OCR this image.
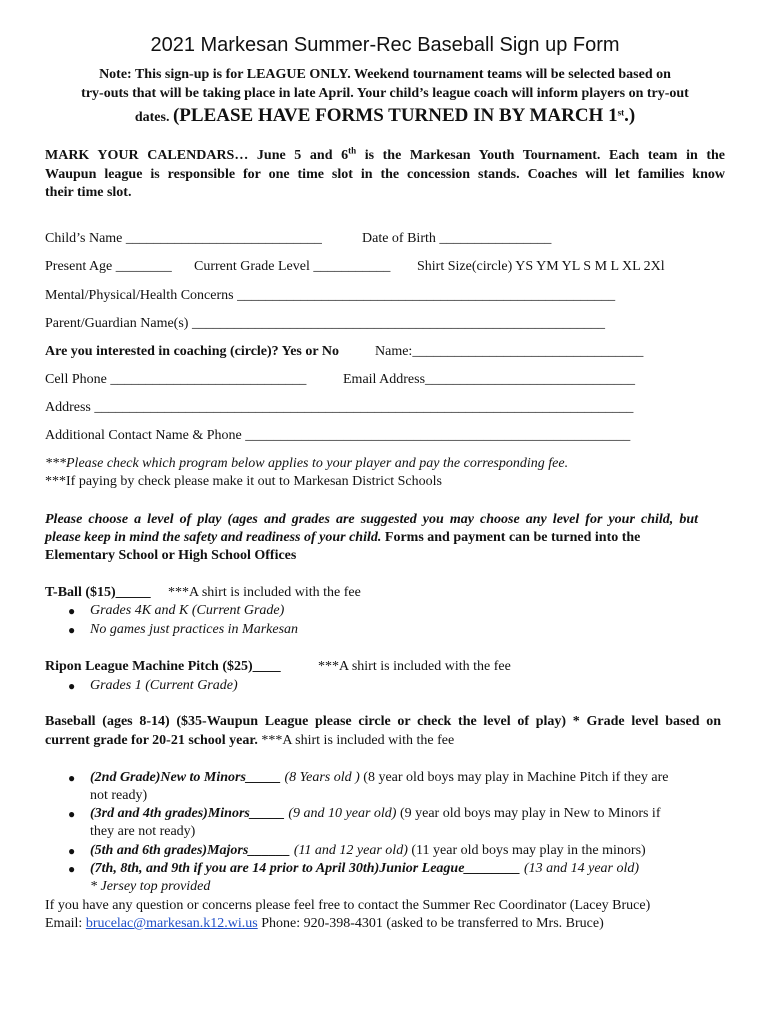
2021 Markesan Summer-Rec Baseball Sign up Form
Note: This sign-up is for LEAGUE ONLY. Weekend tournament teams will be selected based on
try-outs that will be taking place in late April. Your child’s league coach will inform players on try-out
dates. (PLEASE HAVE FORMS TURNED IN BY MARCH 1st.)
MARK YOUR CALENDARS… June 5 and 6th is the Markesan Youth Tournament. Each team in the
Waupun league is responsible for one time slot in the concession stands. Coaches will let families know
their time slot.
Child’s Name ____________________________	Date of Birth ________________
Present Age ________ Current Grade Level ___________ Shirt Size(circle) YS YM YL S M L XL 2Xl
Mental/Physical/Health Concerns ______________________________________________________
Parent/Guardian Name(s) ___________________________________________________________
Are you interested in coaching (circle)? Yes or No	Name:_________________________________
Cell Phone ____________________________	Email Address______________________________
Address _____________________________________________________________________________
Additional Contact Name & Phone _______________________________________________________
***Please check which program below applies to your player and pay the corresponding fee.
***If paying by check please make it out to Markesan District Schools
Please choose a level of play (ages and grades are suggested you may choose any level for your child, but
please keep in mind the safety and readiness of your child. Forms and payment can be turned into the
Elementary School or High School Offices
T-Ball ($15)_____ ***A shirt is included with the fee
● Grades 4K and K (Current Grade)
● No games just practices in Markesan
Ripon League Machine Pitch ($25)____	***A shirt is included with the fee
● Grades 1 (Current Grade)
Baseball (ages 8-14) ($35-Waupun League please circle or check the level of play) * Grade level based on
current grade for 20-21 school year. ***A shirt is included with the fee
● (2nd Grade)New to Minors_____ (8 Years old ) (8 year old boys may play in Machine Pitch if they are
not ready)
● (3rd and 4th grades)Minors_____ (9 and 10 year old) (9 year old boys may play in New to Minors if
they are not ready)
● (5th and 6th grades)Majors______ (11 and 12 year old) (11 year old boys may play in the minors)
● (7th, 8th, and 9th if you are 14 prior to April 30th)Junior League________ (13 and 14 year old)
* Jersey top provided
If you have any question or concerns please feel free to contact the Summer Rec Coordinator (Lacey Bruce)
Email: brucelac@markesan.k12.wi.us Phone: 920-398-4301 (asked to be transferred to Mrs. Bruce)
